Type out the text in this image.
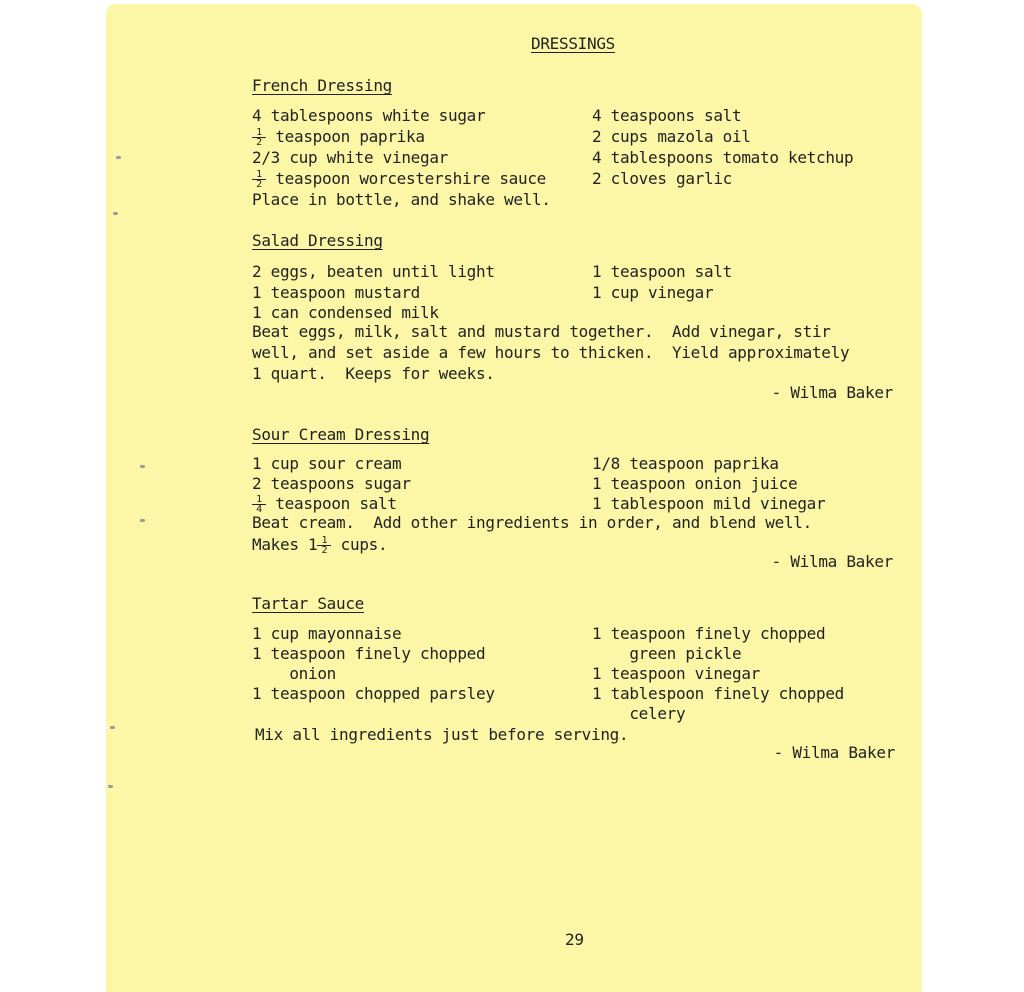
DRESSINGS
French Dressing
4 tablespoons white sugar
$\frac{1}{2}$ teaspoon paprika
2/3 cup white vinegar
$\frac{1}{2}$ teaspoon worcestershire sauce
4 teaspoons salt
2 cups mazola oil
4 tablespoons tomato ketchup
2 cloves garlic
Place in bottle, and shake well.
Salad Dressing
2 eggs, beaten until light
1 teaspoon mustard
1 can condensed milk
1 teaspoon salt
1 cup vinegar
Beat eggs, milk, salt and mustard together.  Add vinegar, stir
well, and set aside a few hours to thicken.  Yield approximately
1 quart.  Keeps for weeks.
- Wilma Baker
Sour Cream Dressing
1 cup sour cream
2 teaspoons sugar
$\frac{1}{4}$ teaspoon salt
1/8 teaspoon paprika
1 teaspoon onion juice
1 tablespoon mild vinegar
Beat cream.  Add other ingredients in order, and blend well.
Makes $1 \frac{1}{2}$ cups.
- Wilma Baker
Tartar Sauce
1 cup mayonnaise
1 teaspoon finely chopped
onion
1 teaspoon chopped parsley
1 teaspoon finely chopped
green pickle
1 teaspoon vinegar
1 tablespoon finely chopped
celery
Mix all ingredients just before serving.
- Wilma Baker
29
